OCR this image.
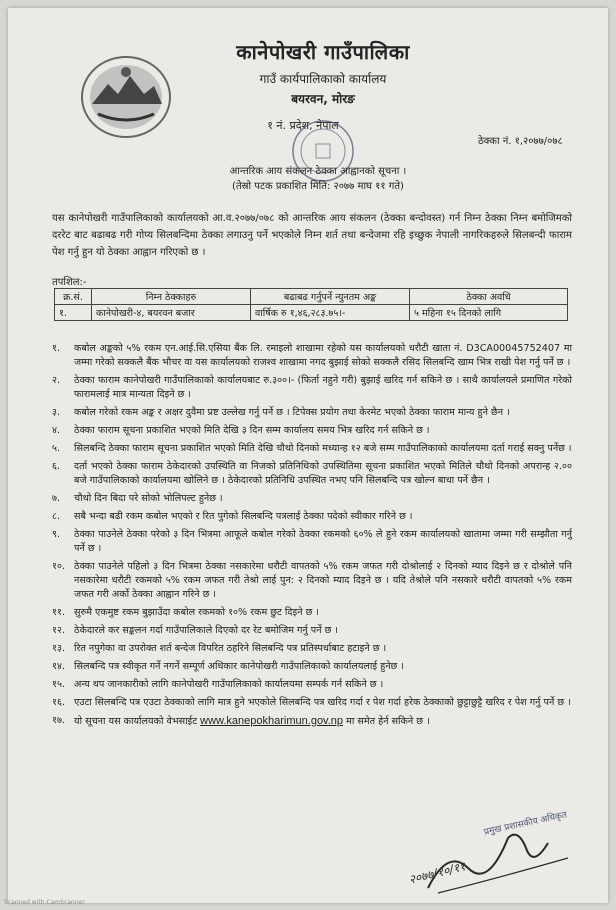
कानेपोखरी गाउँपालिका
गाउँ कार्यपालिकाको कार्यालय
बयरवन, मोरङ
१ नं. प्रदेश, नेपाल
ठेक्का नं. १,२०७७/०७८
आन्तरिक आय संकलन ठेक्का आह्वानको सूचना ।
(तेस्रो पटक प्रकाशित मिति: २०७७ माघ ११ गते)
यस कानेपोखरी गाउँपालिकाको कार्यालयको आ.व.२०७७/०७८ को आन्तरिक आय संकलन (ठेक्का बन्दोवस्त) गर्न निम्न ठेक्का निम्न बमोजिमको दररेट बाट बढाबढ गरी गोप्य सिलबन्दिमा ठेक्का लगाउनु पर्ने भएकोले निम्न शर्त तथा बन्देजमा रहि इच्छुक नेपाली नागरिकहरुले सिलबन्दी फाराम पेश गर्नु हुन यो ठेक्का आह्वान गरिएको छ ।
तपशिल:-
क्र.सं.	निम्न ठेक्काहरु	बढाबढ गर्नुपर्ने न्युनतम अङ्क	ठेक्का अवधि
१.	कानेपोखरी-४, बयरवन बजार	वार्षिक रु १,४६,२८३.७५।-	५ महिना १५ दिनको लागि
१.	कबोल अङ्कको ५% रकम एन.आई.सि.एसिया बैंक लि. रमाइलो शाखामा रहेको यस कार्यालयको धरौटी खाता नं. D3CA00045752407 मा जम्मा गरेको सक्कलै बैंक भौचर वा यस कार्यालयको राजश्व शाखामा नगद बुझाई सोको सक्कलै रसिद सिलबन्दि खाम भित्र राखी पेश गर्नु पर्ने छ ।
२.	ठेक्का फाराम कानेपोखरी गाउँपालिकाको कार्यालयबाट रु.३००।- (फिर्ता नहुने गरी) बुझाई खरिद गर्न सकिने छ । साथै कार्यालयले प्रमाणित गरेको फारामलाई मात्र मान्यता दिइने छ ।
३.	कबोल गरेको रकम अङ्क र अक्षर दुवैमा प्रष्ट उल्लेख गर्नु पर्ने छ । टिपेक्स प्रयोग तथा केरमेट भएको ठेक्का फाराम मान्य हुने छैन ।
४.	ठेक्का फाराम सूचना प्रकाशित भएको मिति देखि ३ दिन सम्म कार्यालय समय भित्र खरिद गर्न सकिने छ ।
५.	सिलबन्दि ठेक्का फाराम सूचना प्रकाशित भएको मिति देखि चौथो दिनको मध्यान्ह १२ बजे सम्म गाउँपालिकाको कार्यालयमा दर्ता गराई सक्नु पर्नेछ ।
६.	दर्ता भएको ठेक्का फाराम ठेकेदारको उपस्थिति वा निजको प्रतिनिधिको उपस्थितिमा सूचना प्रकाशित भएको मितिले चौथो दिनको अपरान्ह २.०० बजे गाउँपालिकाको कार्यालयमा खोलिने छ । ठेकेदारको प्रतिनिधि उपस्थित नभए पनि सिलबन्दि पत्र खोल्न बाधा पर्ने छैन ।
७.	चौथो दिन बिदा परे सोको भोलिपल्ट हुनेछ ।
८.	सबै भन्दा बढी रकम कबोल भएको र रित पुगेको सिलबन्दि पत्रलाई ठेक्का पदेको स्वीकार गरिने छ ।
९.	ठेक्का पाउनेले ठेक्का परेको ३ दिन भित्रमा आफूले कबोल गरेको ठेक्का रकमको ६०% ले हुने रकम कार्यालयको खातामा जम्मा गरी सम्झौता गर्नु पर्ने छ ।
१०. ठेक्का पाउनेले पहिलो ३ दिन भित्रमा ठेक्का नसकारेमा धरौटी वापतको ५% रकम जफत गरी दोश्रोलाई २ दिनको म्याद दिइने छ र दोश्रोले पनि नसकारेमा धरौटी रकमको ५% रकम जफत गरी तेश्रो लाई पुन: २ दिनको म्याद दिइने छ । यदि तेश्रोले पनि नसकारे धरौटी वापतको ५% रकम जफत गरी अर्को ठेक्का आह्वान गरिने छ ।
११. सुरुमै एकमुष्ट रकम बुझाउँदा कबोल रकमको १०% रकम छुट दिइने छ ।
१२. ठेकेदारले कर सङ्कलन गर्दा गाउँपालिकाले दिएको दर रेट बमोजिम गर्नु पर्ने छ ।
१३. रित नपुगेका वा उपरोक्त शर्त बन्देज विपरित ठहरिने सिलबन्दि पत्र प्रतिस्पर्धाबाट हटाइने छ ।
१४. सिलबन्दि पत्र स्वीकृत गर्ने नगर्ने सम्पूर्ण अधिकार कानेपोखरी गाउँपालिकाको कार्यालयलाई हुनेछ ।
१५. अन्य थप जानकारीको लागि कानेपोखरी गाउँपालिकाको कार्यालयमा सम्पर्क गर्न सकिने छ ।
१६. एउटा सिलबन्दि पत्र एउटा ठेक्काको लागि मात्र हुने भएकोले सिलबन्दि पत्र खरिद गर्दा र पेश गर्दा हरेक ठेक्काको छुट्टाछुट्टै खरिद र पेश गर्नु पर्ने छ ।
१७. यो सूचना यस कार्यालयको वेभसाईट www.kanepokharimun.gov.np मा समेत हेर्न सकिने छ ।
प्रमुख प्रशासकीय अधिकृत
२०७७/१०/११
Scanned with CamScanner
